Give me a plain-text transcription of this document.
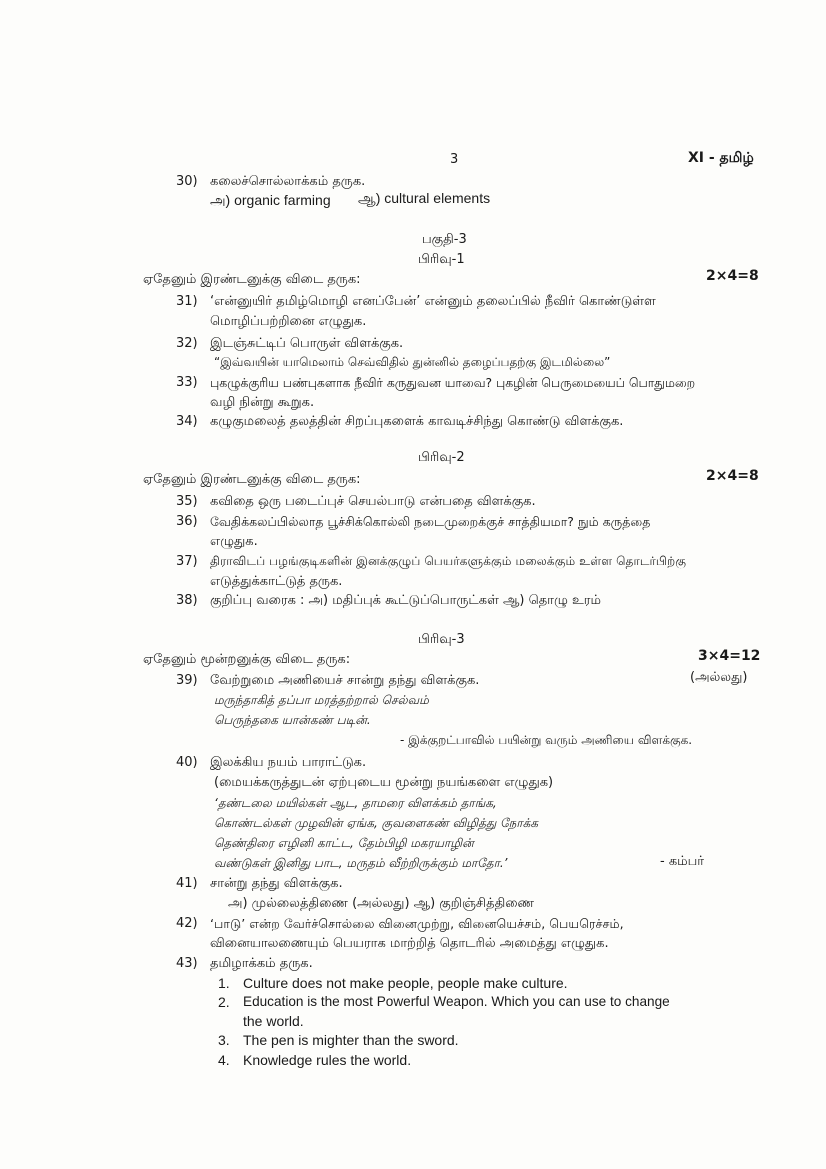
3	XI - தமிழ்
30) கலைச்சொல்லாக்கம் தருக.
அ) organic farming ஆ) cultural elements
பகுதி-3
பிரிவு-1
ஏதேனும் இரண்டனுக்கு விடை தருக:	2×4=8
31) ‘என்னுயிர் தமிழ்மொழி எனப்பேன்’ என்னும் தலைப்பில் நீவிர் கொண்டுள்ள
மொழிப்பற்றினை எழுதுக.
32) இடஞ்சுட்டிப் பொருள் விளக்குக.
“இவ்வயின் யாமெலாம் செவ்விதில் துன்னில் தழைப்பதற்கு இடமில்லை”
33) புகழுக்குரிய பண்புகளாக நீவிர் கருதுவன யாவை? புகழின் பெருமையைப் பொதுமறை
வழி நின்று கூறுக.
34) கழுகுமலைத் தலத்தின் சிறப்புகளைக் காவடிச்சிந்து கொண்டு விளக்குக.
பிரிவு-2
ஏதேனும் இரண்டனுக்கு விடை தருக:	2×4=8
35) கவிதை ஒரு படைப்புச் செயல்பாடு என்பதை விளக்குக.
36) வேதிக்கலப்பில்லாத பூச்சிக்கொல்லி நடைமுறைக்குச் சாத்தியமா? நும் கருத்தை
எழுதுக.
37) திராவிடப் பழங்குடிகளின் இனக்குழுப் பெயர்களுக்கும் மலைக்கும் உள்ள தொடர்பிற்கு
எடுத்துக்காட்டுத் தருக.
38) குறிப்பு வரைக : அ) மதிப்புக் கூட்டுப்பொருட்கள் ஆ) தொழு உரம்
பிரிவு-3
ஏதேனும் மூன்றனுக்கு விடை தருக:	3×4=12
39) வேற்றுமை அணியைச் சான்று தந்து விளக்குக.	(அல்லது)
மருந்தாகித் தப்பா மரத்தற்றால் செல்வம்
பெருந்தகை யான்கண் படின்.
- இக்குறட்பாவில் பயின்று வரும் அணியை விளக்குக.
40) இலக்கிய நயம் பாராட்டுக.
(மையக்கருத்துடன் ஏற்புடைய மூன்று நயங்களை எழுதுக)
‘தண்டலை மயில்கள் ஆட, தாமரை விளக்கம் தாங்க,
கொண்டல்கள் முழவின் ஏங்க, குவளைகண் விழித்து நோக்க
தெண்திரை எழினி காட்ட, தேம்பிழி மகரயாழின்
வண்டுகள் இனிது பாட, மருதம் வீற்றிருக்கும் மாதோ.’	- கம்பர்
41) சான்று தந்து விளக்குக.
அ) முல்லைத்திணை (அல்லது) ஆ) குறிஞ்சித்திணை
42) ‘பாடு’ என்ற வேர்ச்சொல்லை வினைமுற்று, வினையெச்சம், பெயரெச்சம்,
வினையாலணையும் பெயராக மாற்றித் தொடரில் அமைத்து எழுதுக.
43) தமிழாக்கம் தருக.
1. Culture does not make people, people make culture.
2. Education is the most Powerful Weapon. Which you can use to change
the world.
3. The pen is mighter than the sword.
4. Knowledge rules the world.
